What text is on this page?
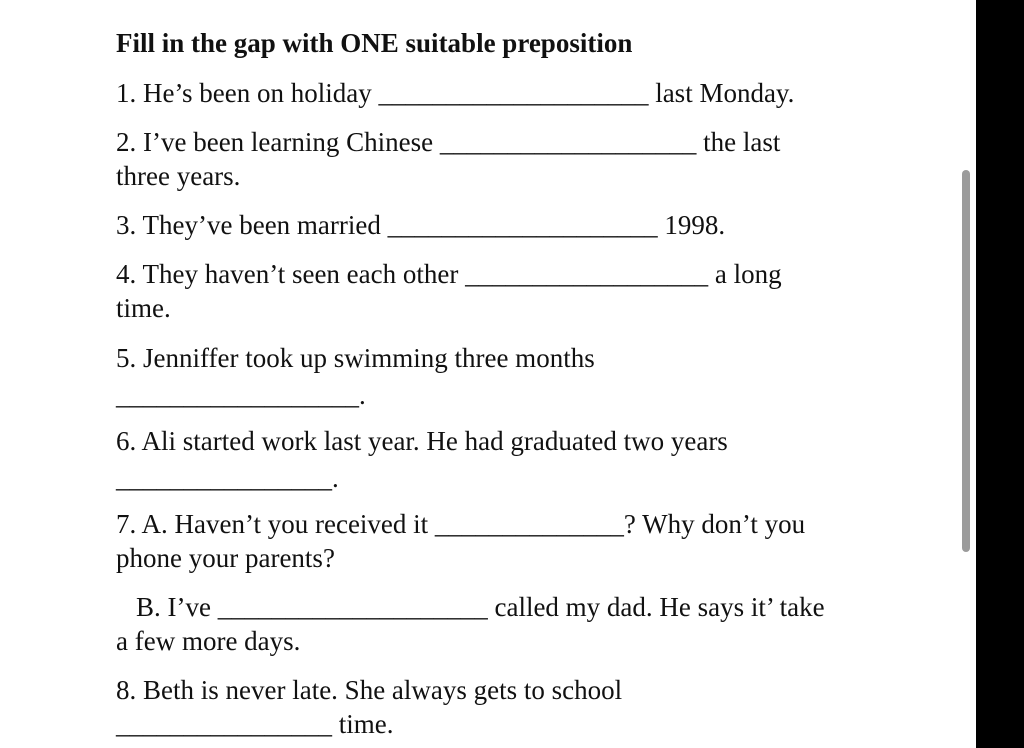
Fill in the gap with ONE suitable preposition
1. He’s been on holiday ____________________ last Monday.
2. I’ve been learning Chinese ___________________ the last
three years.
3. They’ve been married ____________________ 1998.
4. They haven’t seen each other __________________ a long
time.
5. Jenniffer took up swimming three months
__________________.
6. Ali started work last year. He had graduated two years
________________.
7. A. Haven’t you received it ______________? Why don’t you
phone your parents?
B. I’ve ____________________ called my dad. He says it’ take
a few more days.
8. Beth is never late. She always gets to school
________________ time.
